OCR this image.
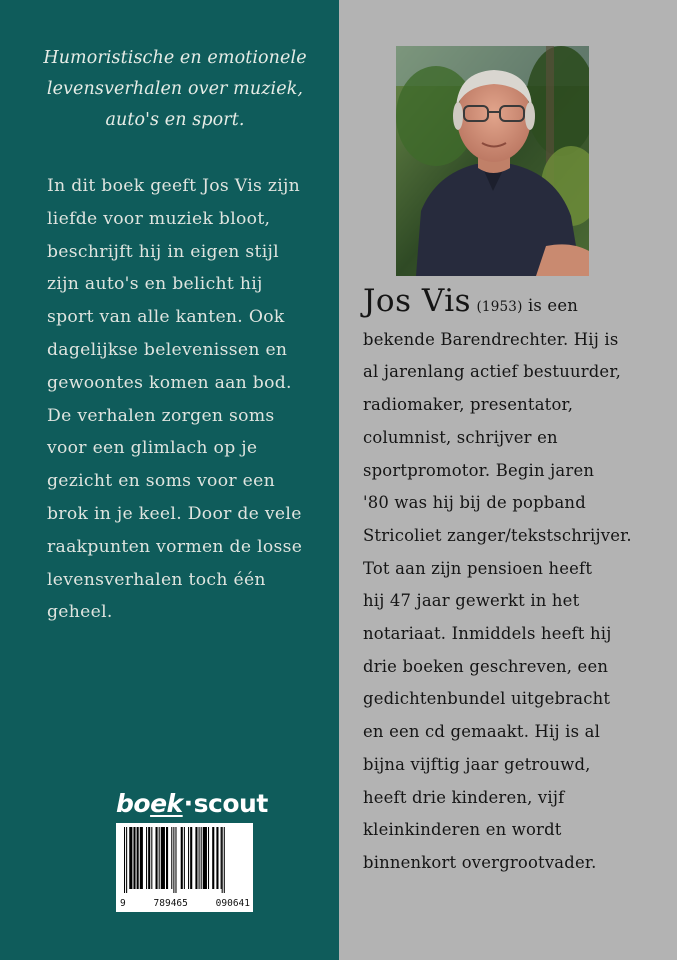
Humoristische en emotionele
levensverhalen over muziek,
auto's en sport.
In dit boek geeft Jos Vis zijn
liefde voor muziek bloot,
beschrijft hij in eigen stijl
zijn auto's en belicht hij
sport van alle kanten. Ook
dagelijkse belevenissen en
gewoontes komen aan bod.
De verhalen zorgen soms
voor een glimlach op je
gezicht en soms voor een
brok in je keel. Door de vele
raakpunten vormen de losse
levensverhalen toch één
geheel.
boek·scout
9	789465	090641
Jos Vis (1953) is een
bekende Barendrechter. Hij is
al jarenlang actief bestuurder,
radiomaker, presentator,
columnist, schrijver en
sportpromotor. Begin jaren
'80 was hij bij de popband
Stricoliet zanger/tekstschrijver.
Tot aan zijn pensioen heeft
hij 47 jaar gewerkt in het
notariaat. Inmiddels heeft hij
drie boeken geschreven, een
gedichtenbundel uitgebracht
en een cd gemaakt. Hij is al
bijna vijftig jaar getrouwd,
heeft drie kinderen, vijf
kleinkinderen en wordt
binnenkort overgrootvader.
